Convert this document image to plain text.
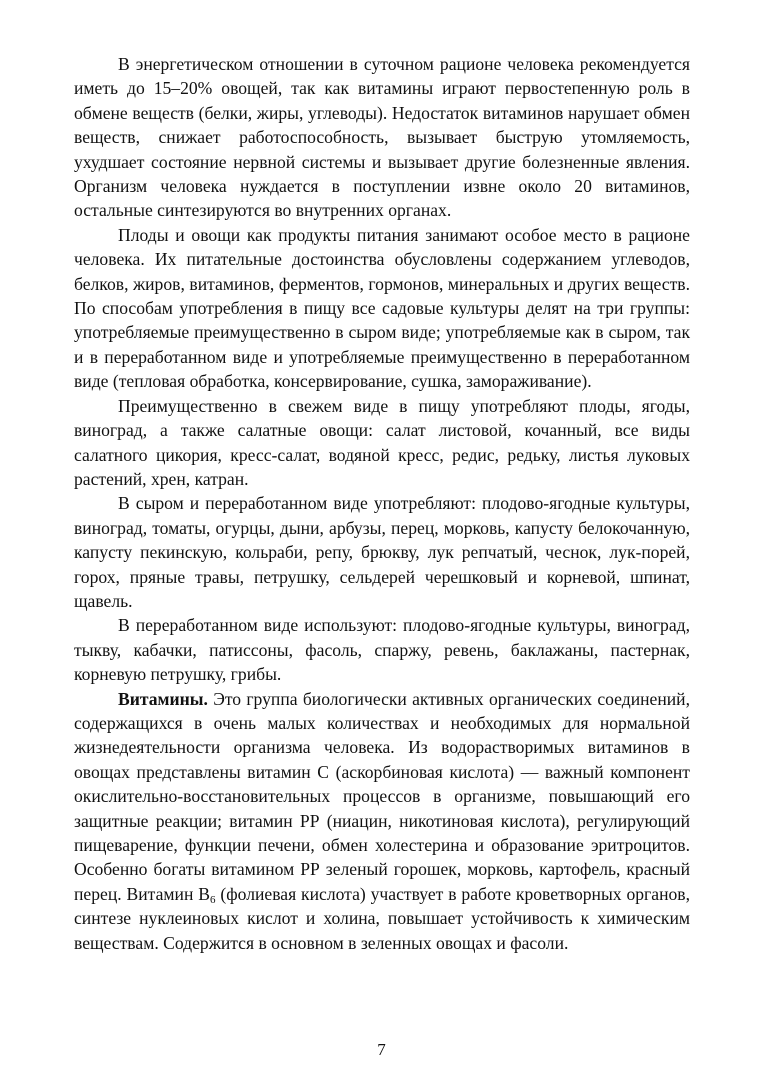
В энергетическом отношении в суточном рационе человека рекомендуется иметь до 15–20% овощей, так как витамины играют первостепенную роль в обмене веществ (белки, жиры, углеводы). Недостаток витаминов нарушает обмен веществ, снижает работоспособность, вызывает быструю утомляемость, ухудшает состояние нервной системы и вызывает другие болезненные явления. Организм человека нуждается в поступлении извне около 20 витаминов, остальные синтезируются во внутренних органах.

Плоды и овощи как продукты питания занимают особое место в рационе человека. Их питательные достоинства обусловлены содержанием углеводов, белков, жиров, витаминов, ферментов, гормонов, минеральных и других веществ. По способам употребления в пищу все садовые культуры делят на три группы: употребляемые преимущественно в сыром виде; употребляемые как в сыром, так и в переработанном виде и употребляемые преимущественно в переработанном виде (тепловая обработка, консервирование, сушка, замораживание).

Преимущественно в свежем виде в пищу употребляют плоды, ягоды, виноград, а также салатные овощи: салат листовой, кочанный, все виды салатного цикория, кресс-салат, водяной кресс, редис, редьку, листья луковых растений, хрен, катран.

В сыром и переработанном виде употребляют: плодово-ягодные культуры, виноград, томаты, огурцы, дыни, арбузы, перец, морковь, капусту белокочанную, капусту пекинскую, кольраби, репу, брюкву, лук репчатый, чеснок, лук-порей, горох, пряные травы, петрушку, сельдерей черешковый и корневой, шпинат, щавель.

В переработанном виде используют: плодово-ягодные культуры, виноград, тыкву, кабачки, патиссоны, фасоль, спаржу, ревень, баклажаны, пастернак, корневую петрушку, грибы.

Витамины. Это группа биологически активных органических соединений, содержащихся в очень малых количествах и необходимых для нормальной жизнедеятельности организма человека. Из водорастворимых витаминов в овощах представлены витамин С (аскорбиновая кислота) — важный компонент окислительно-восстановительных процессов в организме, повышающий его защитные реакции; витамин РР (ниацин, никотиновая кислота), регулирующий пищеварение, функции печени, обмен холестерина и образование эритроцитов. Особенно богаты витамином РР зеленый горошек, морковь, картофель, красный перец. Витамин $B_6$ (фолиевая кислота) участвует в работе кроветворных органов, синтезе нуклеиновых кислот и холина, повышает устойчивость к химическим веществам. Содержится в основном в зеленных овощах и фасоли.

7
